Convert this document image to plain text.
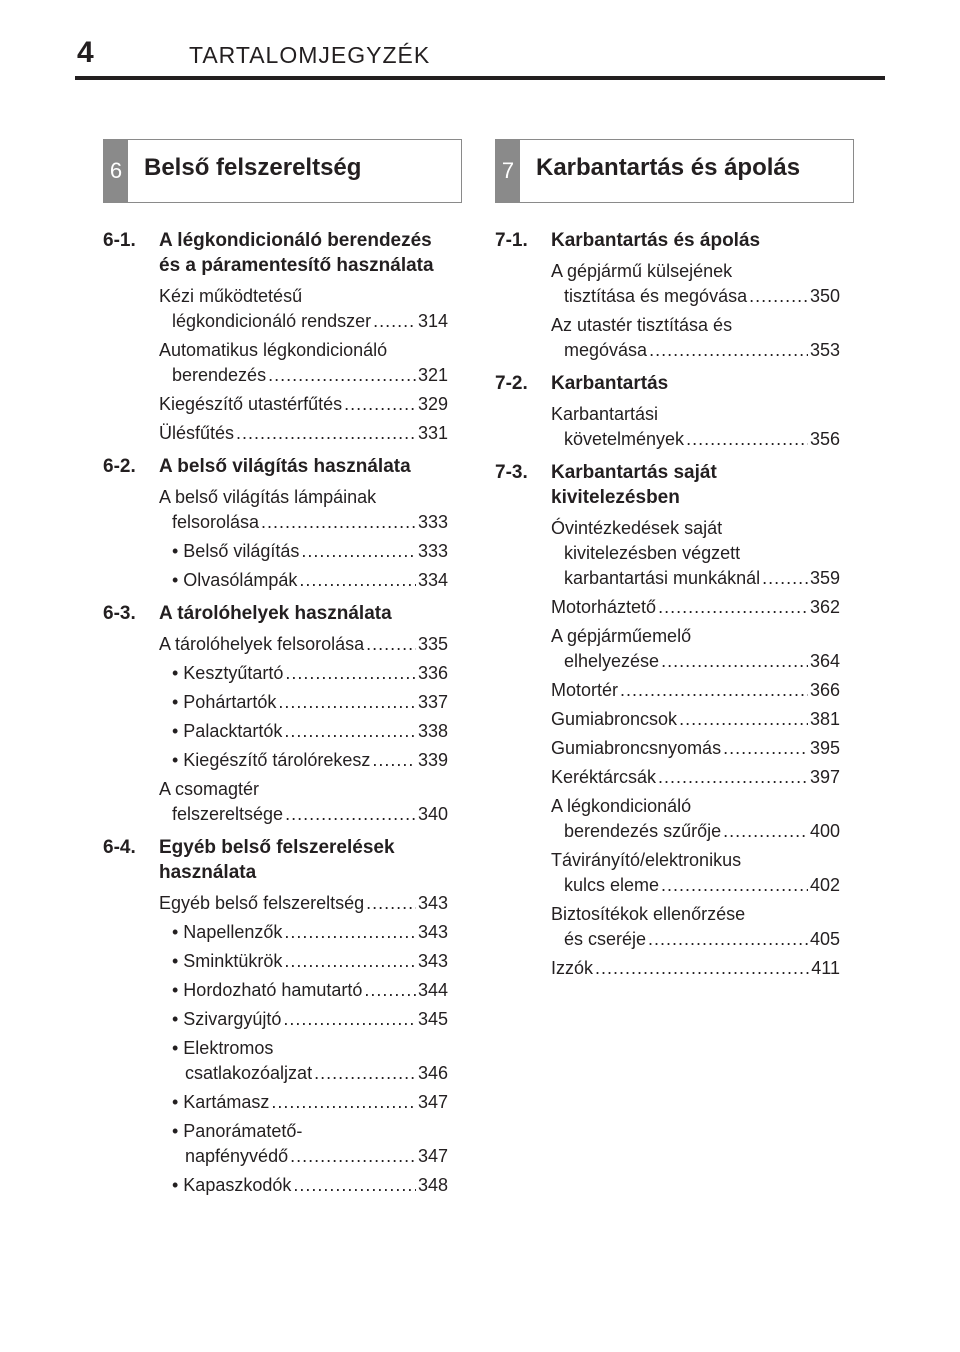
4	TARTALOMJEGYZÉK
6 Belső felszereltség	7 Karbantartás és ápolás
6-1.	A légkondicionáló berendezés és a páramentesítő használata
Kézi működtetésű
légkondicionáló rendszer .....	314
Automatikus légkondicionáló
berendezés .....	321
Kiegészítő utastérfűtés .....	329
Ülésfűtés .....	331
6-2.	A belső világítás használata
A belső világítás lámpáinak
felsorolása .....	333
• Belső világítás .....	333
• Olvasólámpák .....	334
6-3.	A tárolóhelyek használata
A tárolóhelyek felsorolása .....	335
• Kesztyűtartó .....	336
• Pohártartók .....	337
• Palacktartók .....	338
• Kiegészítő tárolórekesz .....	339
A csomagtér
felszereltsége .....	340
6-4.	Egyéb belső felszerelések használata
Egyéb belső felszereltség .....	343
• Napellenzők .....	343
• Sminktükrök .....	343
• Hordozható hamutartó .....	344
• Szivargyújtó .....	345
• Elektromos
csatlakozóaljzat .....	346
• Kartámasz .....	347
• Panorámatető-
napfényvédő .....	347
• Kapaszkodók .....	348
7-1.	Karbantartás és ápolás
A gépjármű külsejének
tisztítása és megóvása .....	350
Az utastér tisztítása és
megóvása .....	353
7-2.	Karbantartás
Karbantartási
követelmények .....	356
7-3.	Karbantartás saját kivitelezésben
Óvintézkedések saját
kivitelezésben végzett
karbantartási munkáknál .....	359
Motorháztető .....	362
A gépjárműemelő
elhelyezése .....	364
Motortér .....	366
Gumiabroncsok .....	381
Gumiabroncsnyomás .....	395
Keréktárcsák .....	397
A légkondicionáló
berendezés szűrője .....	400
Távirányító/elektronikus
kulcs eleme .....	402
Biztosítékok ellenőrzése
és cseréje .....	405
Izzók .....	411
